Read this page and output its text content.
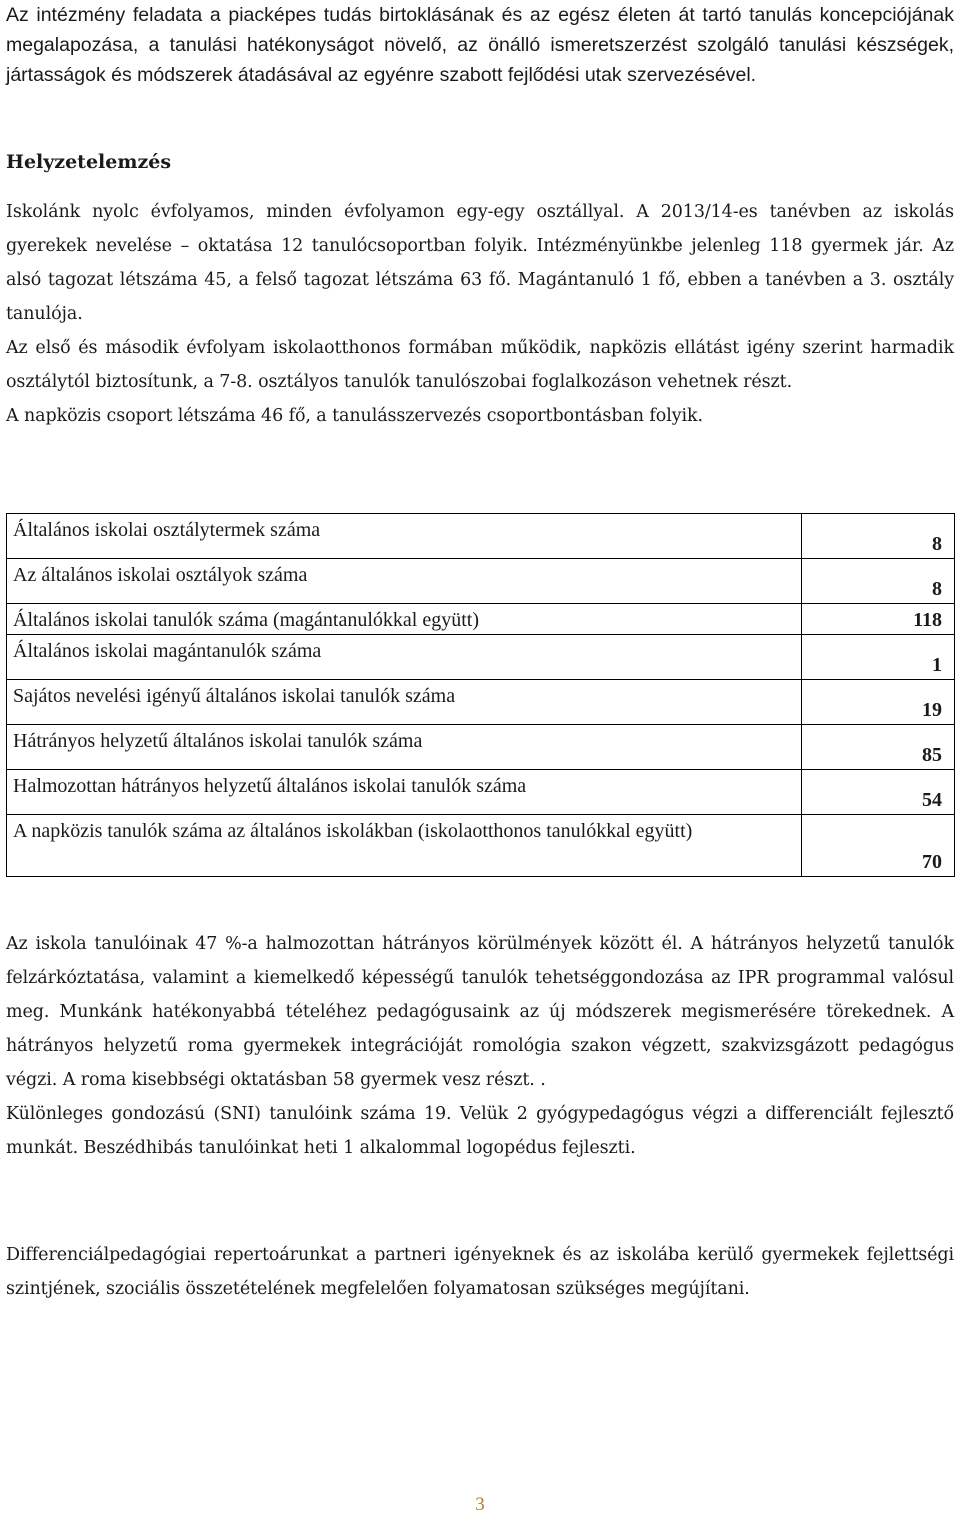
Az intézmény feladata a piacképes tudás birtoklásának és az egész életen át tartó tanulás koncepciójának megalapozása, a tanulási hatékonyságot növelő, az önálló ismeretszerzést szolgáló tanulási készségek, jártasságok és módszerek átadásával az egyénre szabott fejlődési utak szervezésével.

Helyzetelemzés

Iskolánk nyolc évfolyamos, minden évfolyamon egy-egy osztállyal. A 2013/14-es tanévben az iskolás gyerekek nevelése – oktatása 12 tanulócsoportban folyik. Intézményünkbe jelenleg 118 gyermek jár. Az alsó tagozat létszáma 45, a felső tagozat létszáma 63 fő. Magántanuló 1 fő, ebben a tanévben a 3. osztály tanulója.

Az első és második évfolyam iskolaotthonos formában működik, napközis ellátást igény szerint harmadik osztálytól biztosítunk, a 7-8. osztályos tanulók tanulószobai foglalkozáson vehetnek részt.

A napközis csoport létszáma 46 fő, a tanulásszervezés csoportbontásban folyik.

Általános iskolai osztálytermek száma	8
Az általános iskolai osztályok száma	8
Általános iskolai tanulók száma (magántanulókkal együtt)	118
Általános iskolai magántanulók száma	1
Sajátos nevelési igényű általános iskolai tanulók száma	19
Hátrányos helyzetű általános iskolai tanulók száma	85
Halmozottan hátrányos helyzetű általános iskolai tanulók száma	54
A napközis tanulók száma az általános iskolákban (iskolaotthonos tanulókkal együtt)	70

Az iskola tanulóinak 47 %-a halmozottan hátrányos körülmények között él. A hátrányos helyzetű tanulók felzárkóztatása, valamint a kiemelkedő képességű tanulók tehetséggondozása az IPR programmal valósul meg. Munkánk hatékonyabbá tételéhez pedagógusaink az új módszerek megismerésére törekednek. A hátrányos helyzetű roma gyermekek integrációját romológia szakon végzett, szakvizsgázott pedagógus végzi. A roma kisebbségi oktatásban 58 gyermek vesz részt. .

Különleges gondozású (SNI) tanulóink száma 19. Velük 2 gyógypedagógus végzi a differenciált fejlesztő munkát. Beszédhibás tanulóinkat heti 1 alkalommal logopédus fejleszti.

Differenciálpedagógiai repertoárunkat a partneri igényeknek és az iskolába kerülő gyermekek fejlettségi szintjének, szociális összetételének megfelelően folyamatosan szükséges megújítani.

3
